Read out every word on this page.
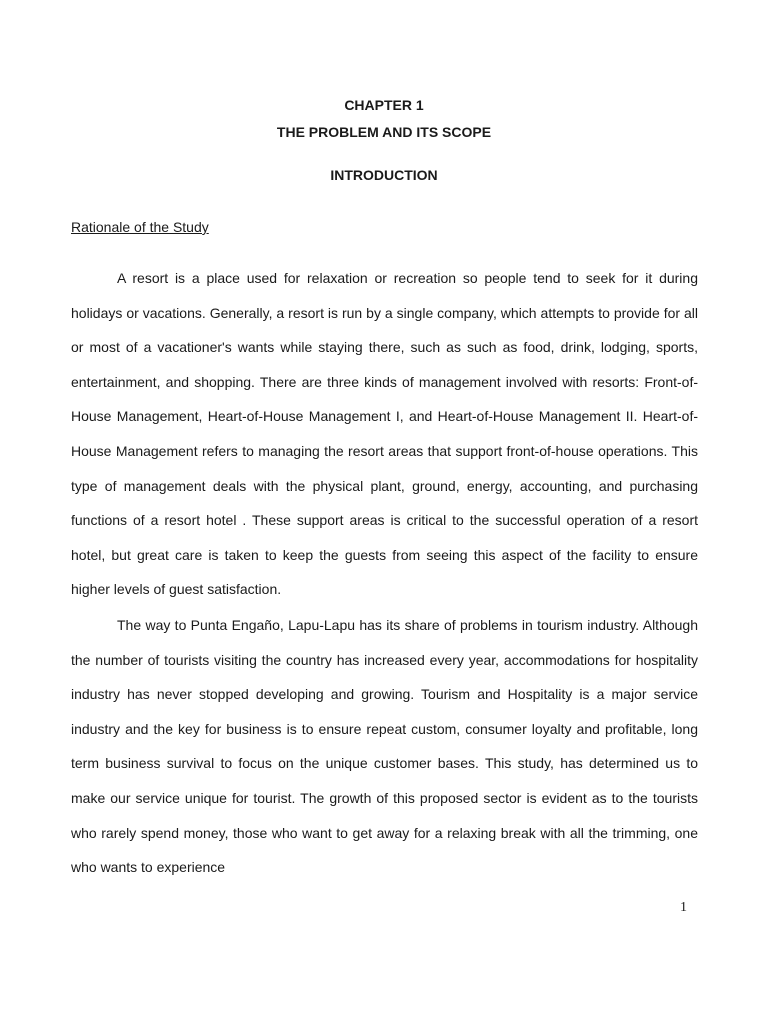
CHAPTER 1

THE PROBLEM AND ITS SCOPE

INTRODUCTION

Rationale of the Study

A resort is a place used for relaxation or recreation so people tend to seek for it during holidays or vacations. Generally, a resort is run by a single company, which attempts to provide for all or most of a vacationer's wants while staying there, such as such as food, drink, lodging, sports, entertainment, and shopping. There are three kinds of management involved with resorts: Front-of-House Management, Heart-of-House Management I, and Heart-of-House Management II. Heart-of-House Management refers to managing the resort areas that support front-of-house operations. This type of management deals with the physical plant, ground, energy, accounting, and purchasing functions of a resort hotel . These support areas is critical to the successful operation of a resort hotel, but great care is taken to keep the guests from seeing this aspect of the facility to ensure higher levels of guest satisfaction.

The way to Punta Engaño, Lapu-Lapu has its share of problems in tourism industry. Although the number of tourists visiting the country has increased every year, accommodations for hospitality industry has never stopped developing and growing. Tourism and Hospitality is a major service industry and the key for business is to ensure repeat custom, consumer loyalty and profitable, long term business survival to focus on the unique customer bases. This study, has determined us to make our service unique for tourist. The growth of this proposed sector is evident as to the tourists who rarely spend money, those who want to get away for a relaxing break with all the trimming, one who wants to experience

1
